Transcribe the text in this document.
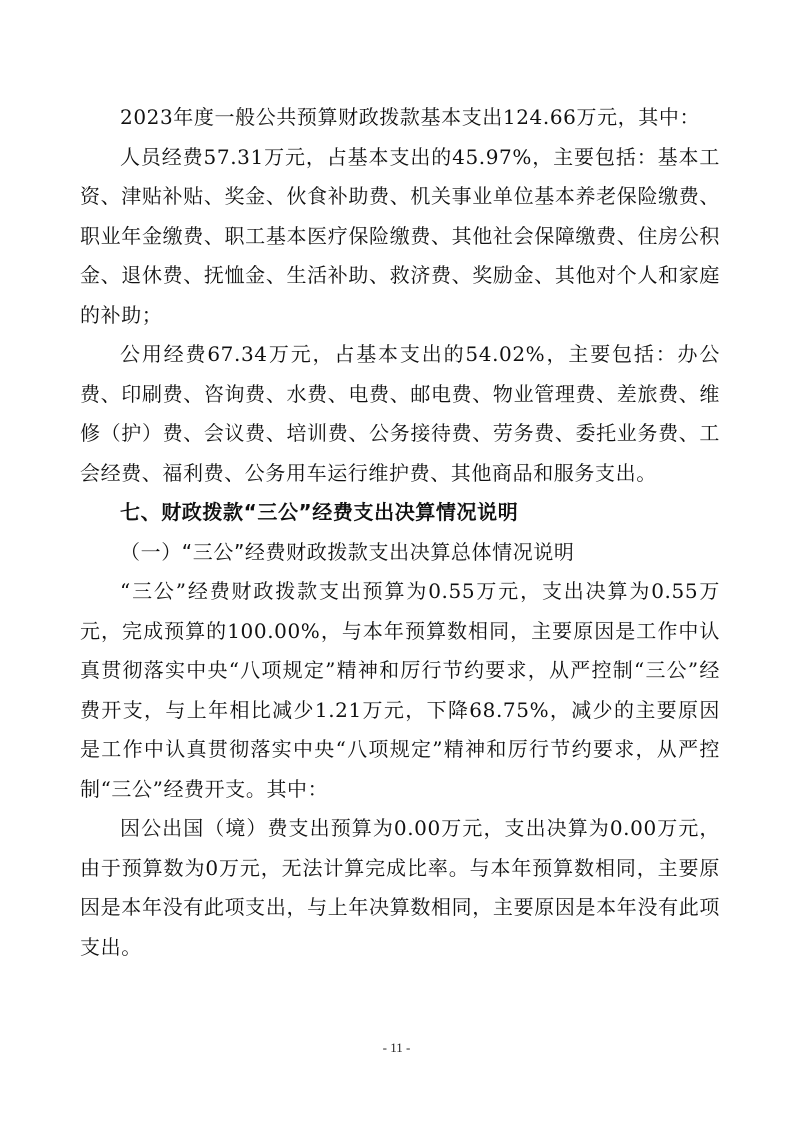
2023年度一般公共预算财政拨款基本支出124.66万元，其中：

人员经费57.31万元，占基本支出的45.97%，主要包括：基本工资、津贴补贴、奖金、伙食补助费、机关事业单位基本养老保险缴费、职业年金缴费、职工基本医疗保险缴费、其他社会保障缴费、住房公积金、退休费、抚恤金、生活补助、救济费、奖励金、其他对个人和家庭的补助；

公用经费67.34万元，占基本支出的54.02%，主要包括：办公费、印刷费、咨询费、水费、电费、邮电费、物业管理费、差旅费、维修（护）费、会议费、培训费、公务接待费、劳务费、委托业务费、工会经费、福利费、公务用车运行维护费、其他商品和服务支出。

七、财政拨款“三公”经费支出决算情况说明

（一）“三公”经费财政拨款支出决算总体情况说明

“三公”经费财政拨款支出预算为0.55万元，支出决算为0.55万元，完成预算的100.00%，与本年预算数相同，主要原因是工作中认真贯彻落实中央“八项规定”精神和厉行节约要求，从严控制“三公”经费开支，与上年相比减少1.21万元，下降68.75%，减少的主要原因是工作中认真贯彻落实中央“八项规定”精神和厉行节约要求，从严控制“三公”经费开支。其中：

因公出国（境）费支出预算为0.00万元，支出决算为0.00万元，由于预算数为0万元，无法计算完成比率。与本年预算数相同，主要原因是本年没有此项支出，与上年决算数相同，主要原因是本年没有此项支出。

- 11 -
